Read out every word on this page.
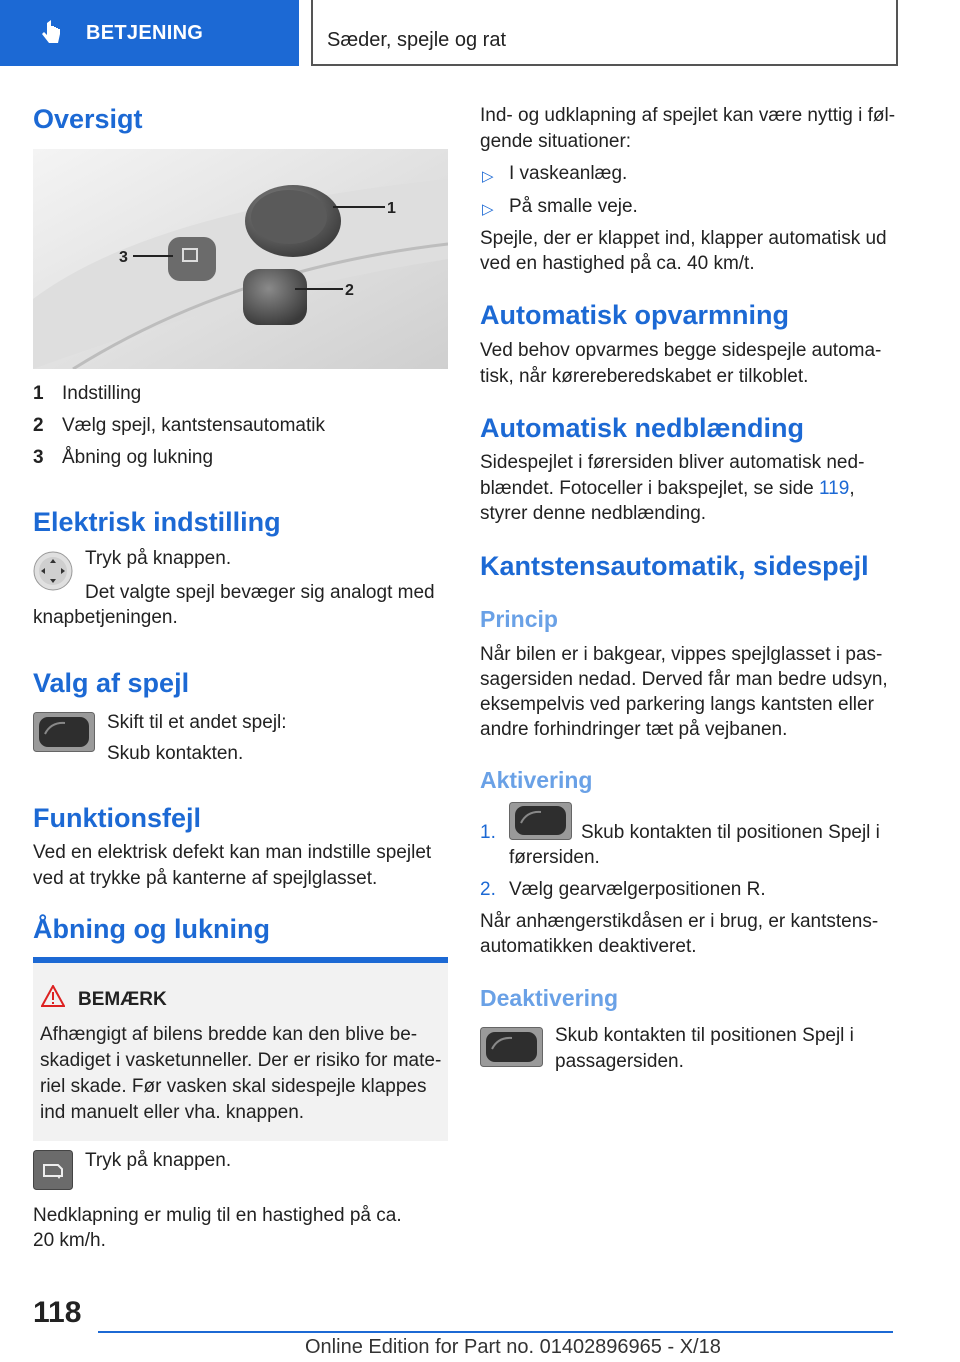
BETJENING	Sæder, spejle og rat
Oversigt
1
2
3
1 Indstilling
2 Vælg spejl, kantstensautomatik
3 Åbning og lukning
Elektrisk indstilling
Tryk på knappen.
Det valgte spejl bevæger sig analogt med
knapbetjeningen.
Valg af spejl
Skift til et andet spejl:
Skub kontakten.
Funktionsfejl
Ved en elektrisk defekt kan man indstille spejlet
ved at trykke på kanterne af spejlglasset.
Åbning og lukning
BEMÆRK
Afhængigt af bilens bredde kan den blive be-
skadiget i vasketunneller. Der er risiko for mate-
riel skade. Før vasken skal sidespejle klappes
ind manuelt eller vha. knappen.
Tryk på knappen.
Nedklapning er mulig til en hastighed på ca.
20 km/h.
Ind- og udklapning af spejlet kan være nyttig i føl-
gende situationer:
▷ I vaskeanlæg.
▷ På smalle veje.
Spejle, der er klappet ind, klapper automatisk ud
ved en hastighed på ca. 40 km/t.
Automatisk opvarmning
Ved behov opvarmes begge sidespejle automa-
tisk, når kørereberedskabet er tilkoblet.
Automatisk nedblænding
Sidespejlet i førersiden bliver automatisk ned-
blændet. Fotoceller i bakspejlet, se side 119,
styrer denne nedblænding.
Kantstensautomatik, sidespejl
Princip
Når bilen er i bakgear, vippes spejlglasset i pas-
sagersiden nedad. Derved får man bedre udsyn,
eksempelvis ved parkering langs kantsten eller
andre forhindringer tæt på vejbanen.
Aktivering
1.	Skub kontakten til positionen Spejl i
førersiden.
2. Vælg gearvælgerpositionen R.
Når anhængerstikdåsen er i brug, er kantstens-
automatikken deaktiveret.
Deaktivering
Skub kontakten til positionen Spejl i
passagersiden.
118
Online Edition for Part no. 01402896965 - X/18
